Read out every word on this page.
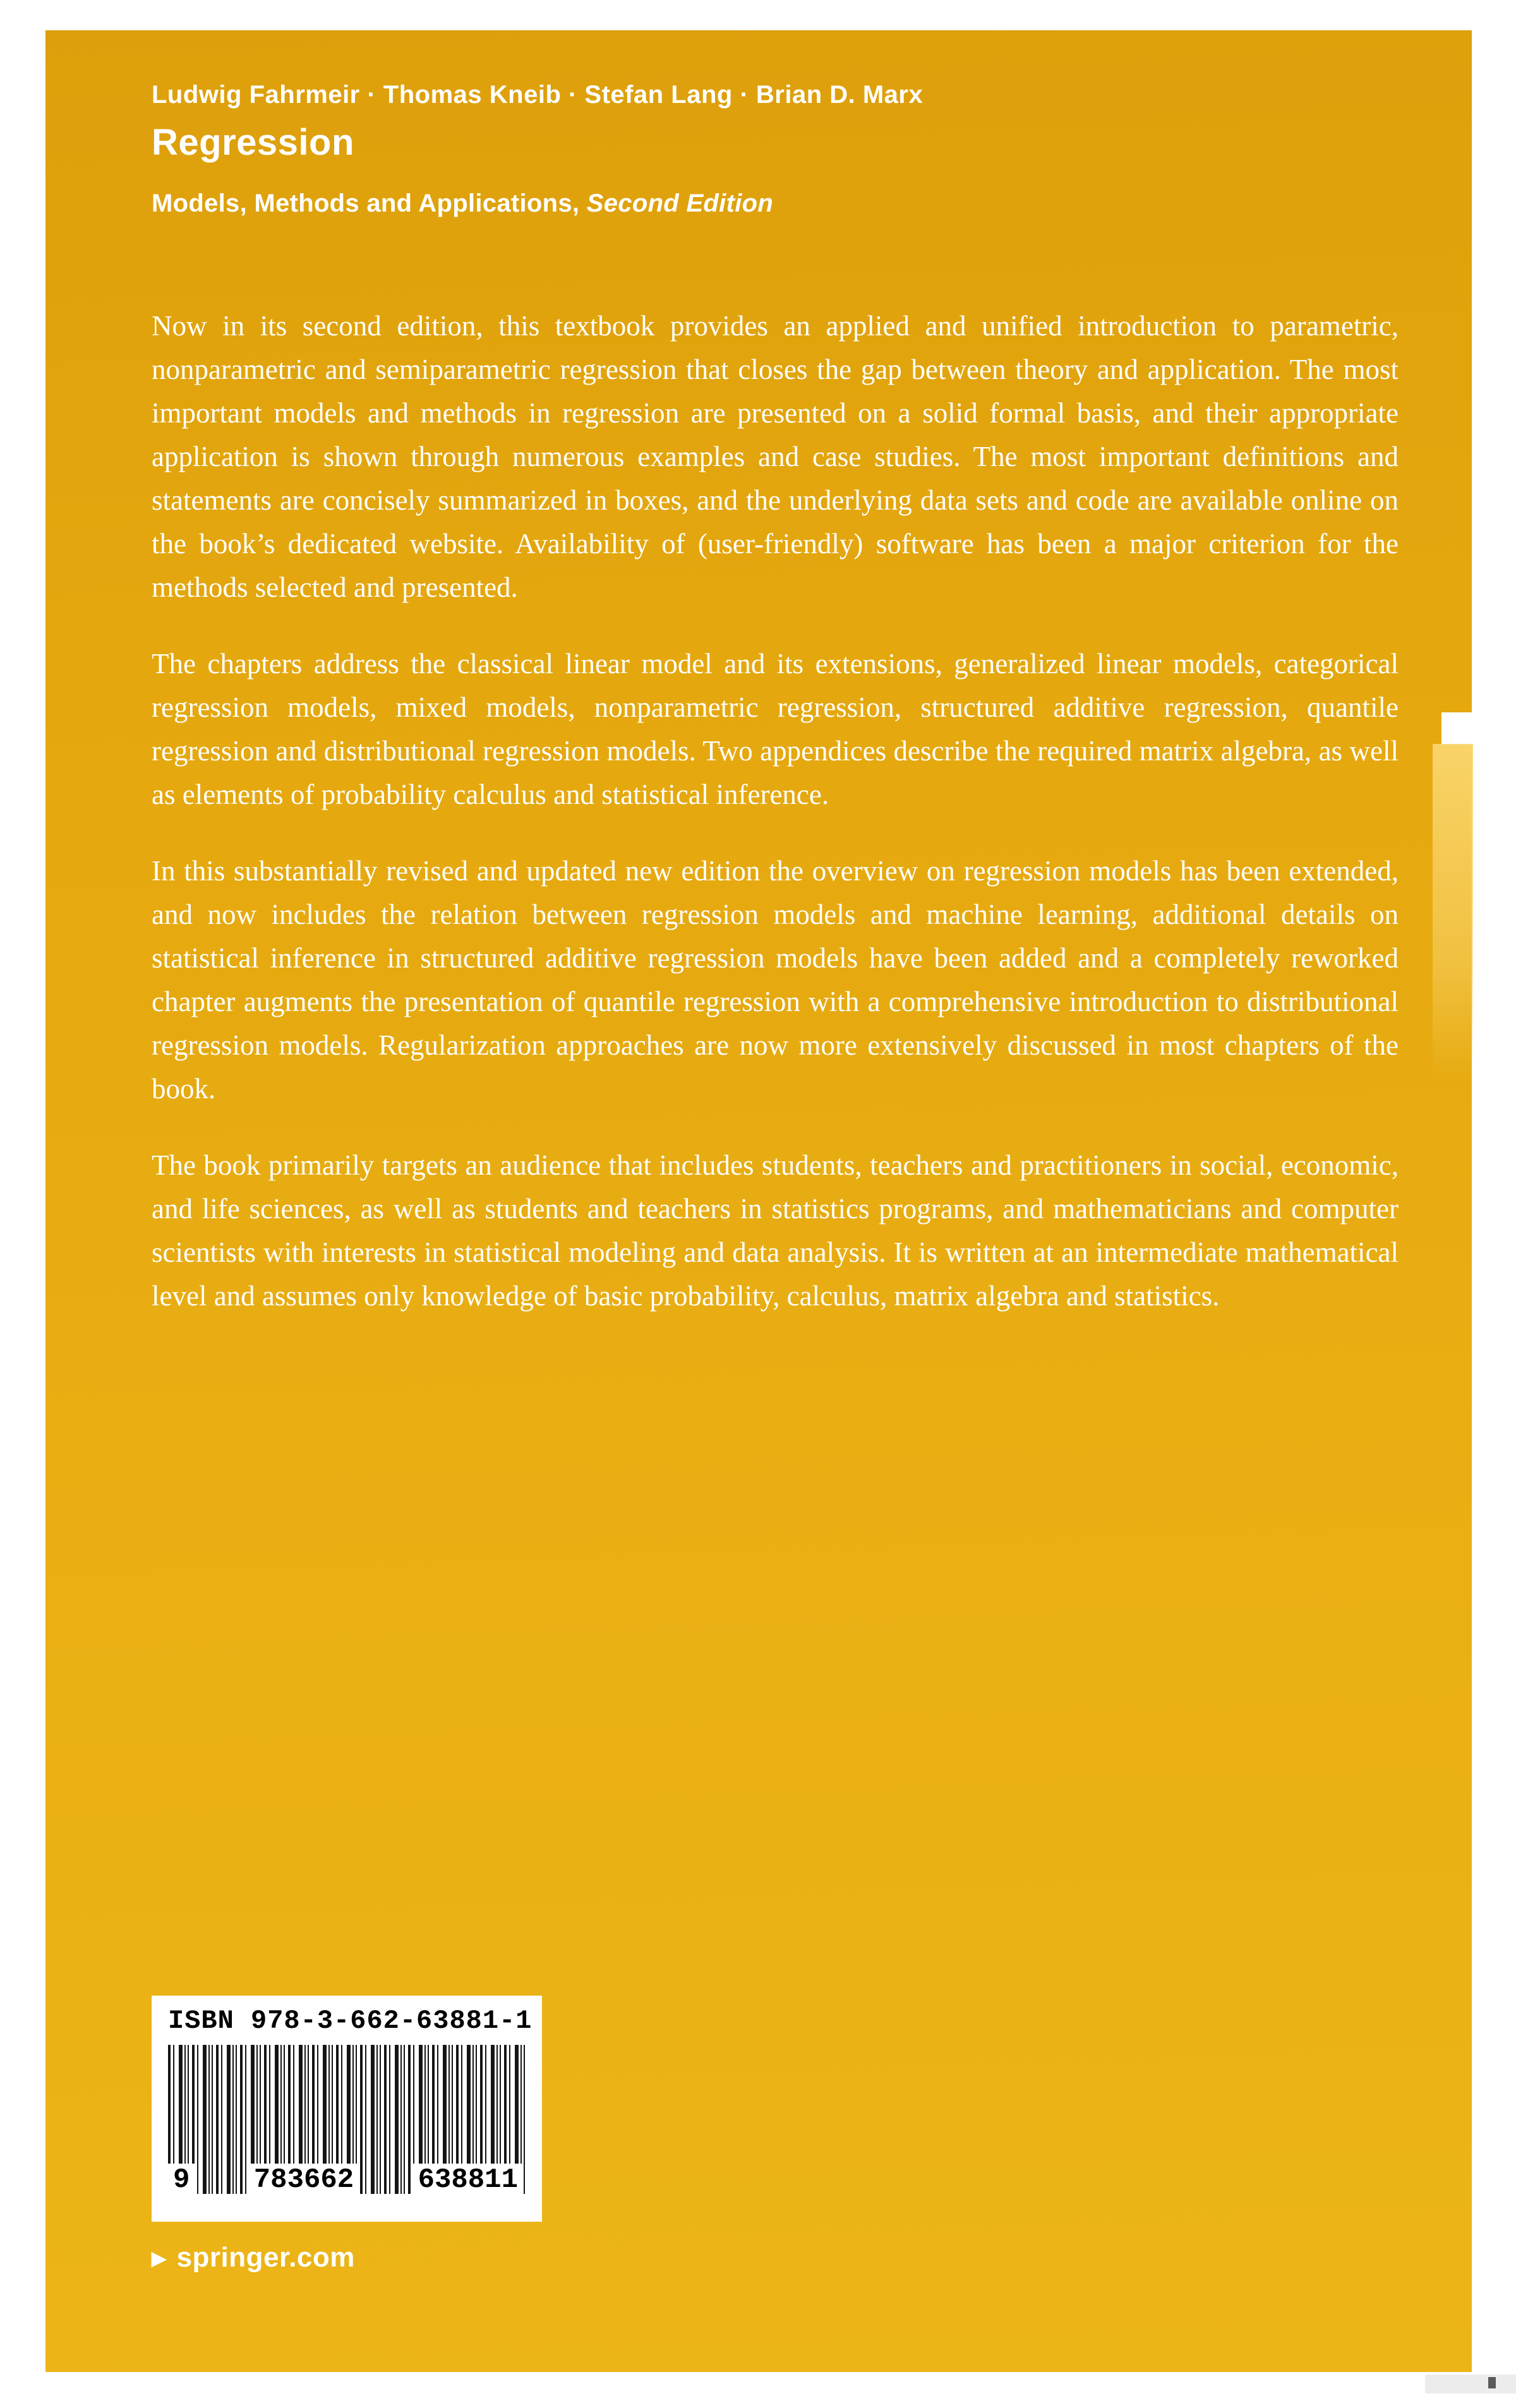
Ludwig Fahrmeir · Thomas Kneib · Stefan Lang · Brian D. Marx
Regression
Models, Methods and Applications, Second Edition

Now in its second edition, this textbook provides an applied and unified introduction to parametric, nonparametric and semiparametric regression that closes the gap between theory and application. The most important models and methods in regression are presented on a solid formal basis, and their appropriate application is shown through numerous examples and case studies. The most important definitions and statements are concisely summarized in boxes, and the underlying data sets and code are available online on the book’s dedicated website. Availability of (user-friendly) software has been a major criterion for the methods selected and presented.

The chapters address the classical linear model and its extensions, generalized linear models, categorical regression models, mixed models, nonparametric regression, structured additive regression, quantile regression and distributional regression models. Two appendices describe the required matrix algebra, as well as elements of probability calculus and statistical inference.

In this substantially revised and updated new edition the overview on regression models has been extended, and now includes the relation between regression models and machine learning, additional details on statistical inference in structured additive regression models have been added and a completely reworked chapter augments the presentation of quantile regression with a comprehensive introduction to distributional regression models. Regularization approaches are now more extensively discussed in most chapters of the book.

The book primarily targets an audience that includes students, teachers and practitioners in social, economic, and life sciences, as well as students and teachers in statistics programs, and mathematicians and computer scientists with interests in statistical modeling and data analysis. It is written at an intermediate mathematical level and assumes only knowledge of basic probability, calculus, matrix algebra and statistics.

ISBN 978-3-662-63881-1
9 783662 638811
▶ springer.com
